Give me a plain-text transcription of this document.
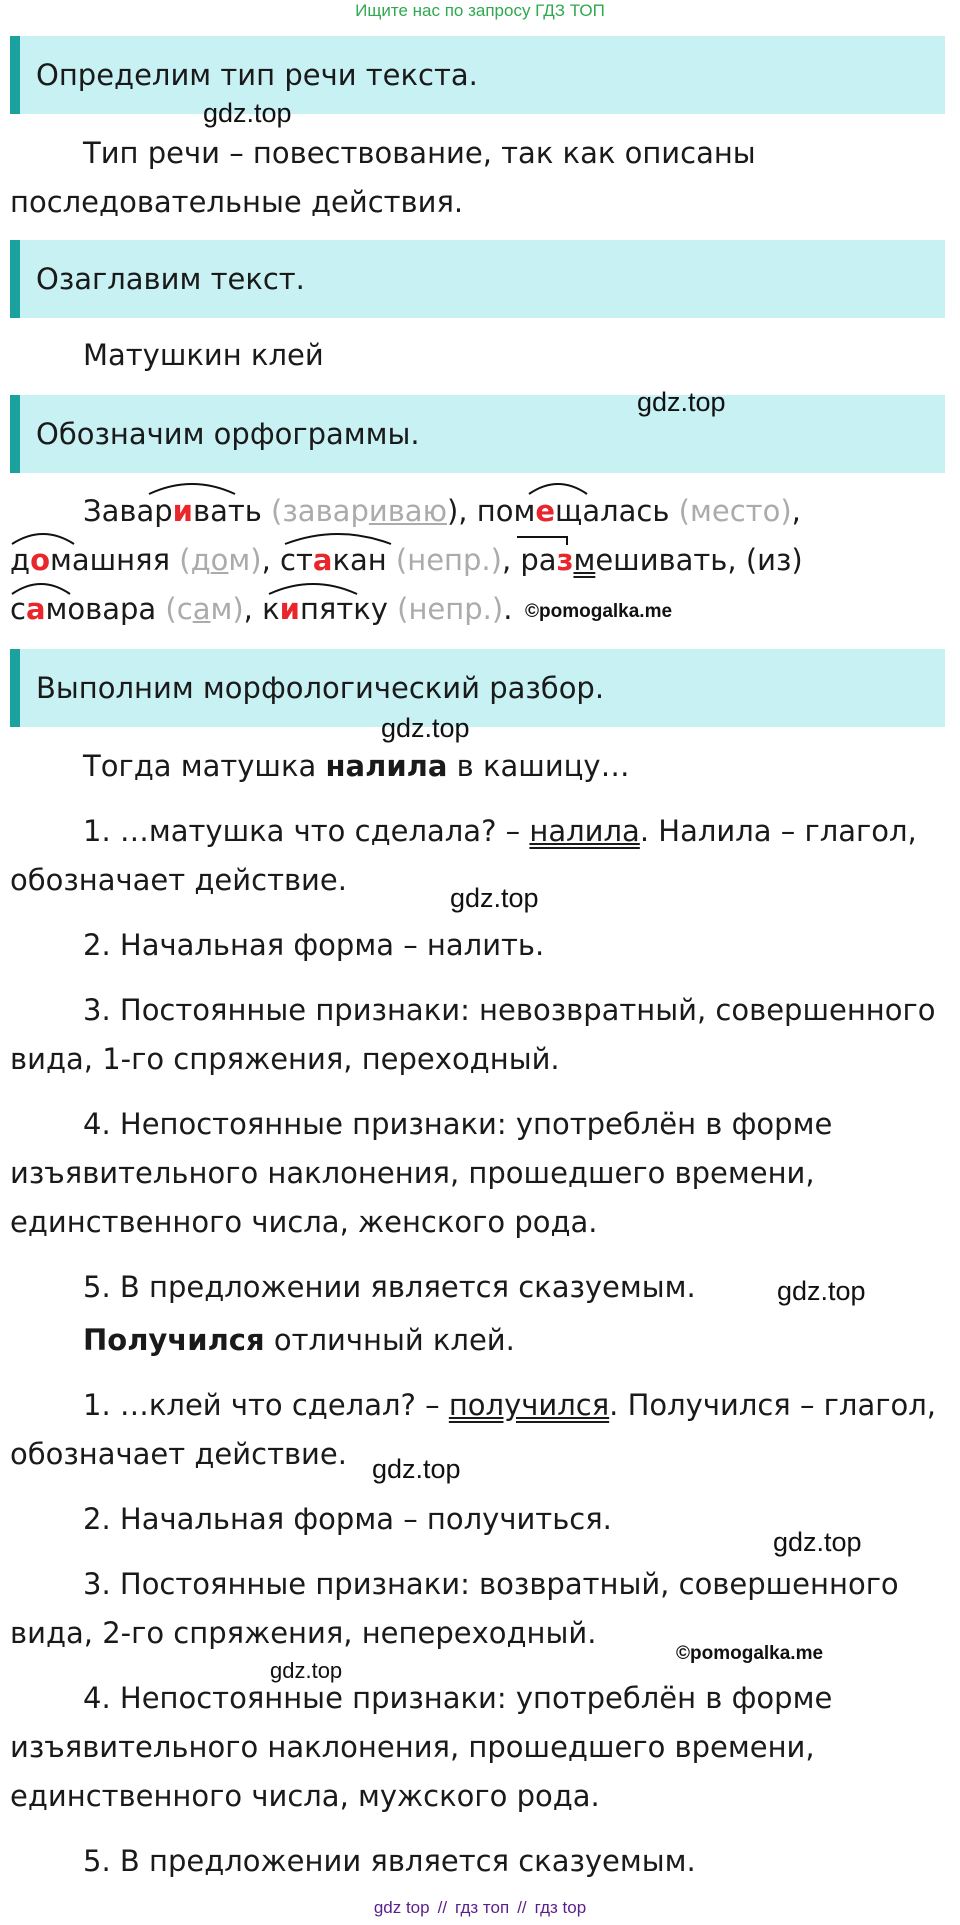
Ищите нас по запросу ГДЗ ТОП
Определим тип речи текста.
gdz.top
Тип речи – повествование, так как описаны
последовательные действия.
Озаглавим текст.
Матушкин клей
Обозначим орфограммы.
gdz.top
Заваривать (завариваю), помещалась (место),
домашняя (дом), стакан (непр.), размешивать, (из)
самовара (сам), кипятку (непр.). ©pomogalka.me
Выполним морфологический разбор.
gdz.top
Тогда матушка налила в кашицу…
1. …матушка что сделала? – налила. Налила – глагол,
обозначает действие.
2. Начальная форма – налить.
3. Постоянные признаки: невозвратный, совершенного
вида, 1-го спряжения, переходный.
4. Непостоянные признаки: употреблён в форме
изъявительного наклонения, прошедшего времени,
единственного числа, женского рода.
5. В предложении является сказуемым.
gdz.top
gdz.top
Получился отличный клей.
1. …клей что сделал? – получился. Получился – глагол,
обозначает действие.
2. Начальная форма – получиться.
3. Постоянные признаки: возвратный, совершенного
вида, 2-го спряжения, непереходный.
4. Непостоянные признаки: употреблён в форме
изъявительного наклонения, прошедшего времени,
единственного числа, мужского рода.
5. В предложении является сказуемым.
gdz.top
gdz.top
©pomogalka.me
gdz.top
gdz top // гдз топ // гдз top
